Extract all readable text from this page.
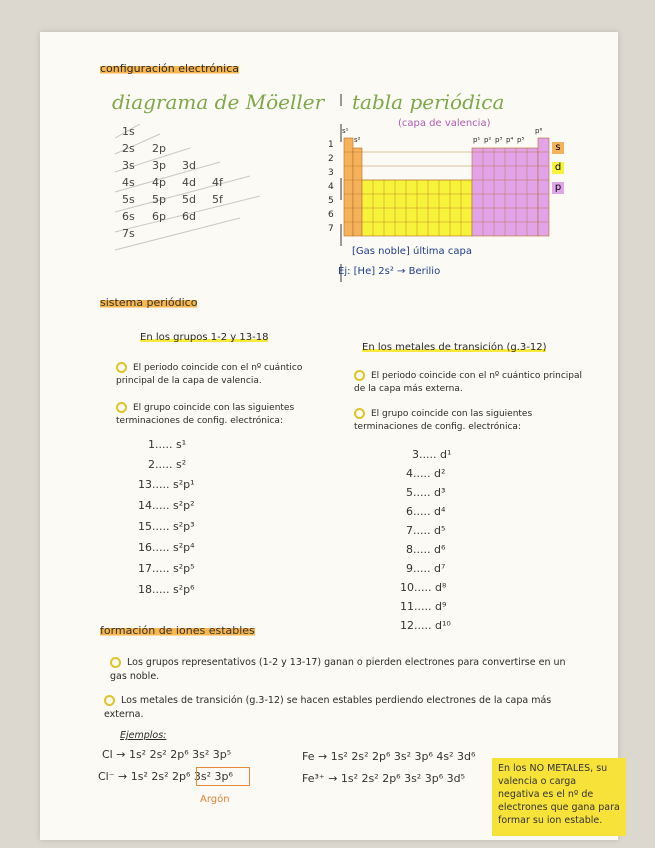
configuración electrónica
diagrama de Möeller tabla periódica
(capa de valencia)
1s
2s 2p
3s 3p 3d
4s 4p 4d 4f
5s 5p 5d 5f
6s 6p 6d
7s
1
2
3
4
5
6
7
s¹
s²	p¹ p² p³ p⁴ p⁵
p⁶
s
d
p
[Gas noble] última capa
Ej: [He] 2s² → Berilio
sistema periódico
En los grupos 1-2 y 13-18
En los metales de transición (g.3-12)
El periodo coincide con el nº cuántico principal de la capa de valencia.
El grupo coincide con las siguientes terminaciones de config. electrónica:
El periodo coincide con el nº cuántico principal de la capa más externa.
El grupo coincide con las siguientes terminaciones de config. electrónica:
1..... s¹
2..... s²
13..... s²p¹
14..... s²p²
15..... s²p³
16..... s²p⁴
17..... s²p⁵
18..... s²p⁶
3..... d¹
4..... d²
5..... d³
6..... d⁴
7..... d⁵
8..... d⁶
9..... d⁷
10..... d⁸
11..... d⁹
12..... d¹⁰
formación de iones estables
Los grupos representativos (1-2 y 13-17) ganan o pierden electrones para convertirse en un gas noble.
Los metales de transición (g.3-12) se hacen estables perdiendo electrones de la capa más externa.
Ejemplos:
Cl → 1s² 2s² 2p⁶ 3s² 3p⁵
Cl⁻ → 1s² 2s² 2p⁶ 3s² 3p⁶
Argón
Fe → 1s² 2s² 2p⁶ 3s² 3p⁶ 4s² 3d⁶
Fe³⁺ → 1s² 2s² 2p⁶ 3s² 3p⁶ 3d⁵
En los NO METALES, su valencia o carga negativa es el nº de electrones que gana para formar su ion estable.
